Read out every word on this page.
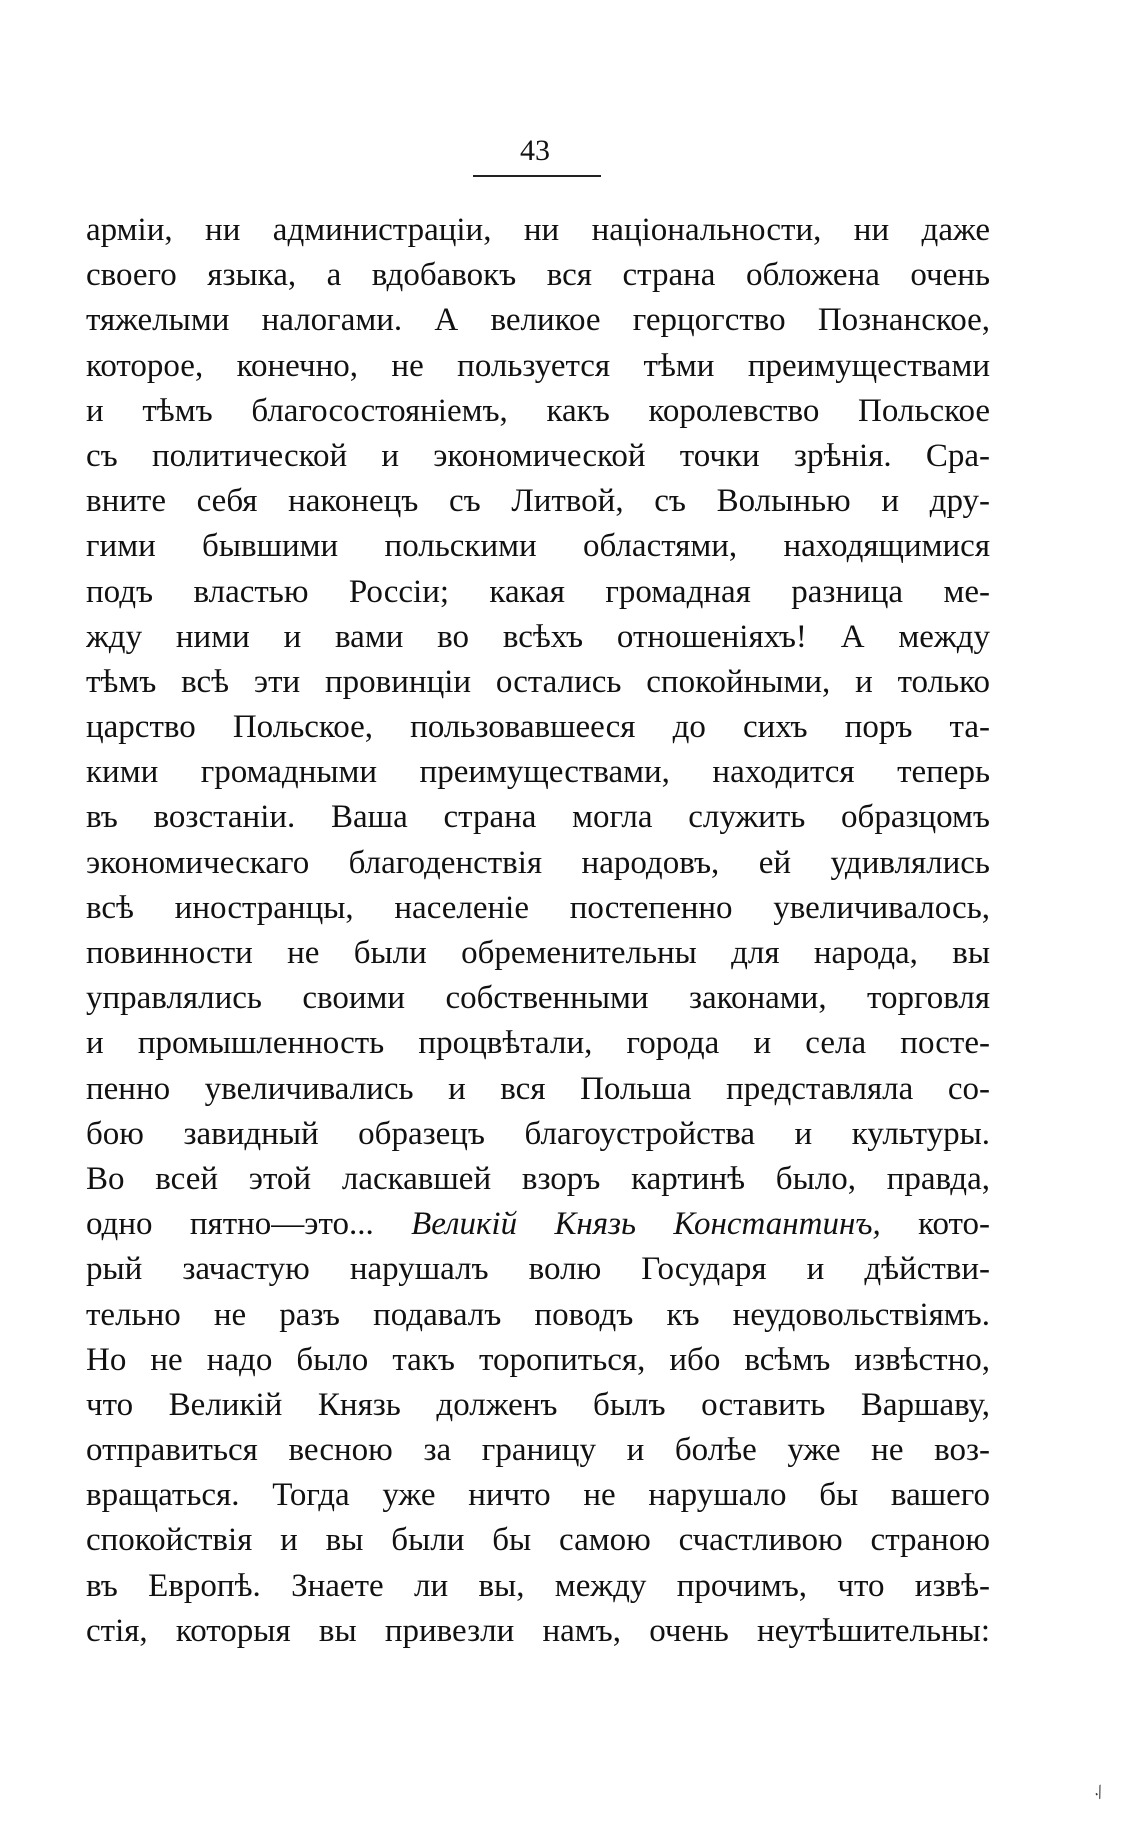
43
арміи, ни администраціи, ни національности, ни даже
своего языка, а вдобавокъ вся страна обложена очень
тяжелыми налогами. А великое герцогство Познанское,
которое, конечно, не пользуется тѣми преимуществами
и тѣмъ благосостояніемъ, какъ королевство Польское
съ политической и экономической точки зрѣнія. Сра-
вните себя наконецъ съ Литвой, съ Волынью и дру-
гими бывшими польскими областями, находящимися
подъ властью Россіи; какая громадная разница ме-
жду ними и вами во всѣхъ отношеніяхъ! А между
тѣмъ всѣ эти провинціи остались спокойными, и только
царство Польское, пользовавшееся до сихъ поръ та-
кими громадными преимуществами, находится теперь
въ возстаніи. Ваша страна могла служить образцомъ
экономическаго благоденствія народовъ, ей удивлялись
всѣ иностранцы, населеніе постепенно увеличивалось,
повинности не были обременительны для народа, вы
управлялись своими собственными законами, торговля
и промышленность процвѣтали, города и села посте-
пенно увеличивались и вся Польша представляла со-
бою завидный образецъ благоустройства и культуры.
Во всей этой ласкавшей взоръ картинѣ было, правда,
одно пятно—это... Великій Князь Константинъ, кото-
рый зачастую нарушалъ волю Государя и дѣйстви-
тельно не разъ подавалъ поводъ къ неудовольствіямъ.
Но не надо было такъ торопиться, ибо всѣмъ извѣстно,
что Великій Князь долженъ былъ оставить Варшаву,
отправиться весною за границу и болѣе уже не воз-
вращаться. Тогда уже ничто не нарушало бы вашего
спокойствія и вы были бы самою счастливою страною
въ Европѣ. Знаете ли вы, между прочимъ, что извѣ-
стія, которыя вы привезли намъ, очень неутѣшительны:
·⁄
